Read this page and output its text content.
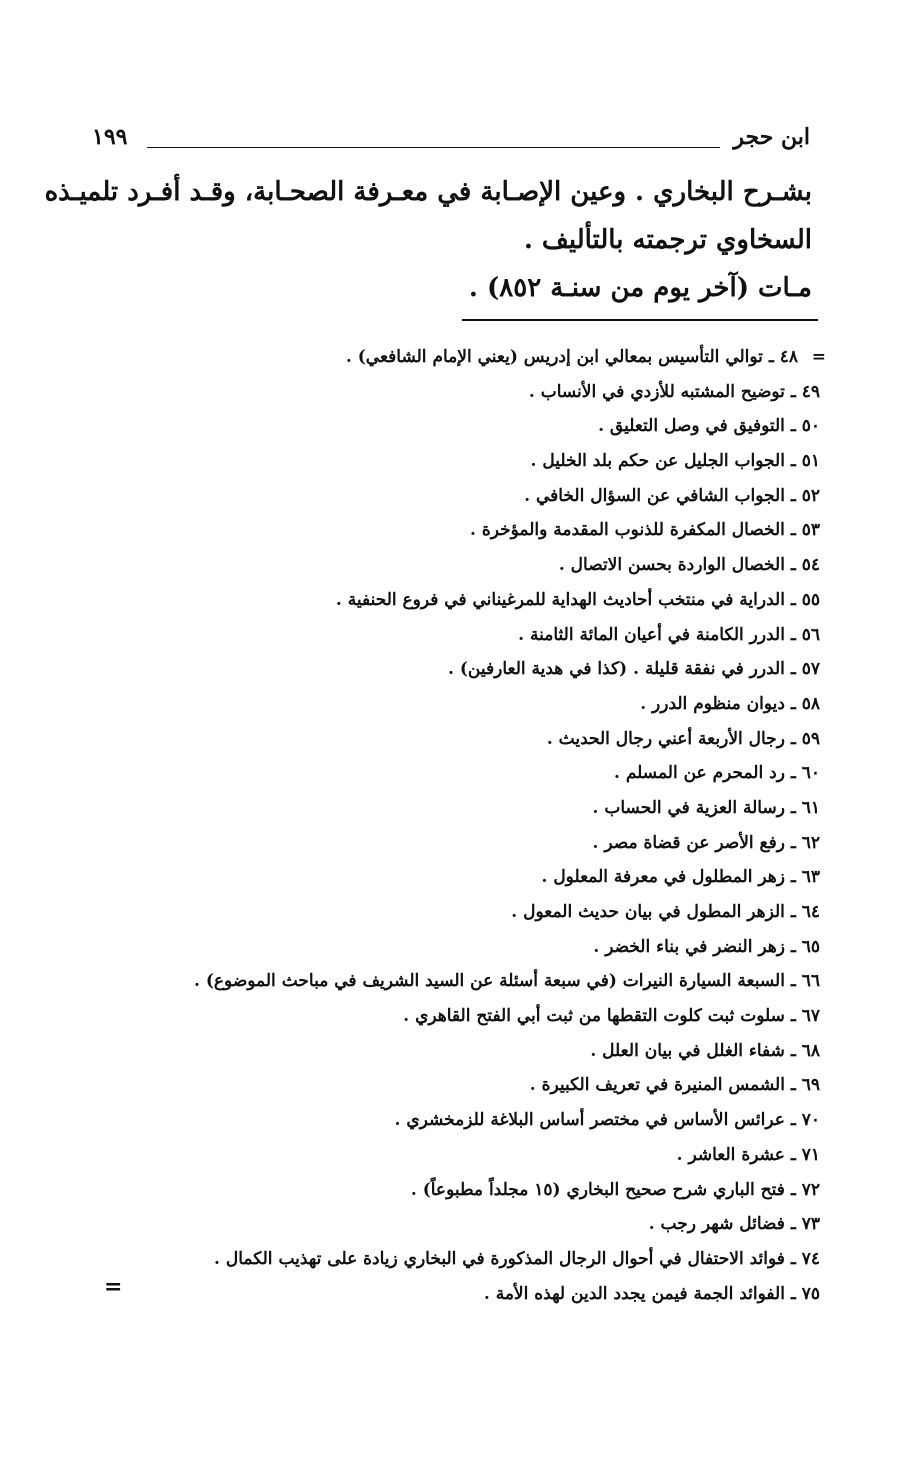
ابن حجر
١٩٩
بشـرح البخاري . وعين الإصـابة في معـرفة الصحـابة، وقـد أفـرد تلميـذه
السخاوي ترجمته بالتأليف .
مـات (آخر يوم من سنـة ٨٥٢) .
=
٤٨ ـ توالي التأسيس بمعالي ابن إدريس (يعني الإمام الشافعي) .
٤٩ ـ توضيح المشتبه للأزدي في الأنساب .
٥٠ ـ التوفيق في وصل التعليق .
٥١ ـ الجواب الجليل عن حكم بلد الخليل .
٥٢ ـ الجواب الشافي عن السؤال الخافي .
٥٣ ـ الخصال المكفرة للذنوب المقدمة والمؤخرة .
٥٤ ـ الخصال الواردة بحسن الاتصال .
٥٥ ـ الدراية في منتخب أحاديث الهداية للمرغيناني في فروع الحنفية .
٥٦ ـ الدرر الكامنة في أعيان المائة الثامنة .
٥٧ ـ الدرر في نفقة قليلة . (كذا في هدية العارفين) .
٥٨ ـ ديوان منظوم الدرر .
٥٩ ـ رجال الأربعة أعني رجال الحديث .
٦٠ ـ رد المحرم عن المسلم .
٦١ ـ رسالة العزية في الحساب .
٦٢ ـ رفع الأصر عن قضاة مصر .
٦٣ ـ زهر المطلول في معرفة المعلول .
٦٤ ـ الزهر المطول في بيان حديث المعول .
٦٥ ـ زهر النضر في بناء الخضر .
٦٦ ـ السبعة السيارة النيرات (في سبعة أسئلة عن السيد الشريف في مباحث الموضوع) .
٦٧ ـ سلوت ثبت كلوت التقطها من ثبت أبي الفتح القاهري .
٦٨ ـ شفاء الغلل في بيان العلل .
٦٩ ـ الشمس المنيرة في تعريف الكبيرة .
٧٠ ـ عرائس الأساس في مختصر أساس البلاغة للزمخشري .
٧١ ـ عشرة العاشر .
٧٢ ـ فتح الباري شرح صحيح البخاري (١٥ مجلداً مطبوعاً) .
٧٣ ـ فضائل شهر رجب .
٧٤ ـ فوائد الاحتفال في أحوال الرجال المذكورة في البخاري زيادة على تهذيب الكمال .
٧٥ ـ الفوائد الجمة فيمن يجدد الدين لهذه الأمة .
=
